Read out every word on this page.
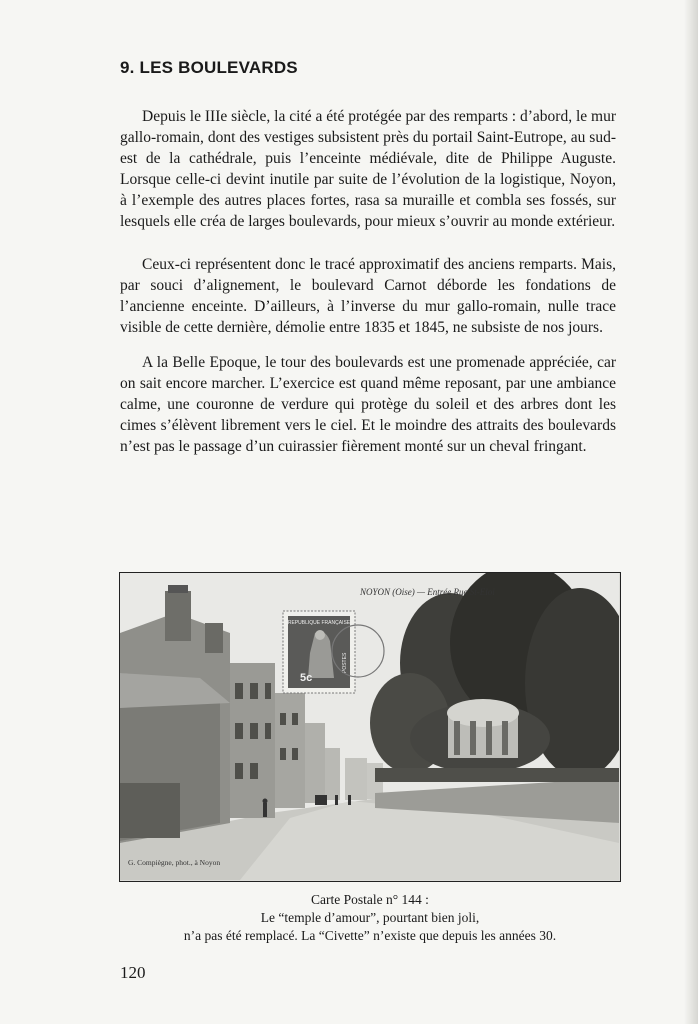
9. LES BOULEVARDS

Depuis le IIIe siècle, la cité a été protégée par des remparts : d’abord, le mur gallo-romain, dont des vestiges subsistent près du portail Saint-Eutrope, au sud-est de la cathédrale, puis l’enceinte médiévale, dite de Philippe Auguste. Lorsque celle-ci devint inutile par suite de l’évolution de la logistique, Noyon, à l’exemple des autres places fortes, rasa sa muraille et combla ses fossés, sur lesquels elle créa de larges boulevards, pour mieux s’ouvrir au monde extérieur.

Ceux-ci représentent donc le tracé approximatif des anciens remparts. Mais, par souci d’alignement, le boulevard Carnot déborde les fondations de l’ancienne enceinte. D’ailleurs, à l’inverse du mur gallo-romain, nulle trace visible de cette dernière, démolie entre 1835 et 1845, ne subsiste de nos jours.

A la Belle Epoque, le tour des boulevards est une promenade appréciée, car on sait encore marcher. L’exercice est quand même reposant, par une ambiance calme, une couronne de verdure qui protège du soleil et des arbres dont les cimes s’élèvent librement vers le ciel. Et le moindre des attraits des boulevards n’est pas le passage d’un cuirassier fièrement monté sur un cheval fringant.

NOYON (Oise) — Entrée Rue St-Eloi
G. Compiègne, phot., à Noyon
REPUBLIQUE FRANÇAISE
5c
POSTES
Carte Postale n° 144 :
Le “temple d’amour”, pourtant bien joli,
n’a pas été remplacé. La “Civette” n’existe que depuis les années 30.
120
